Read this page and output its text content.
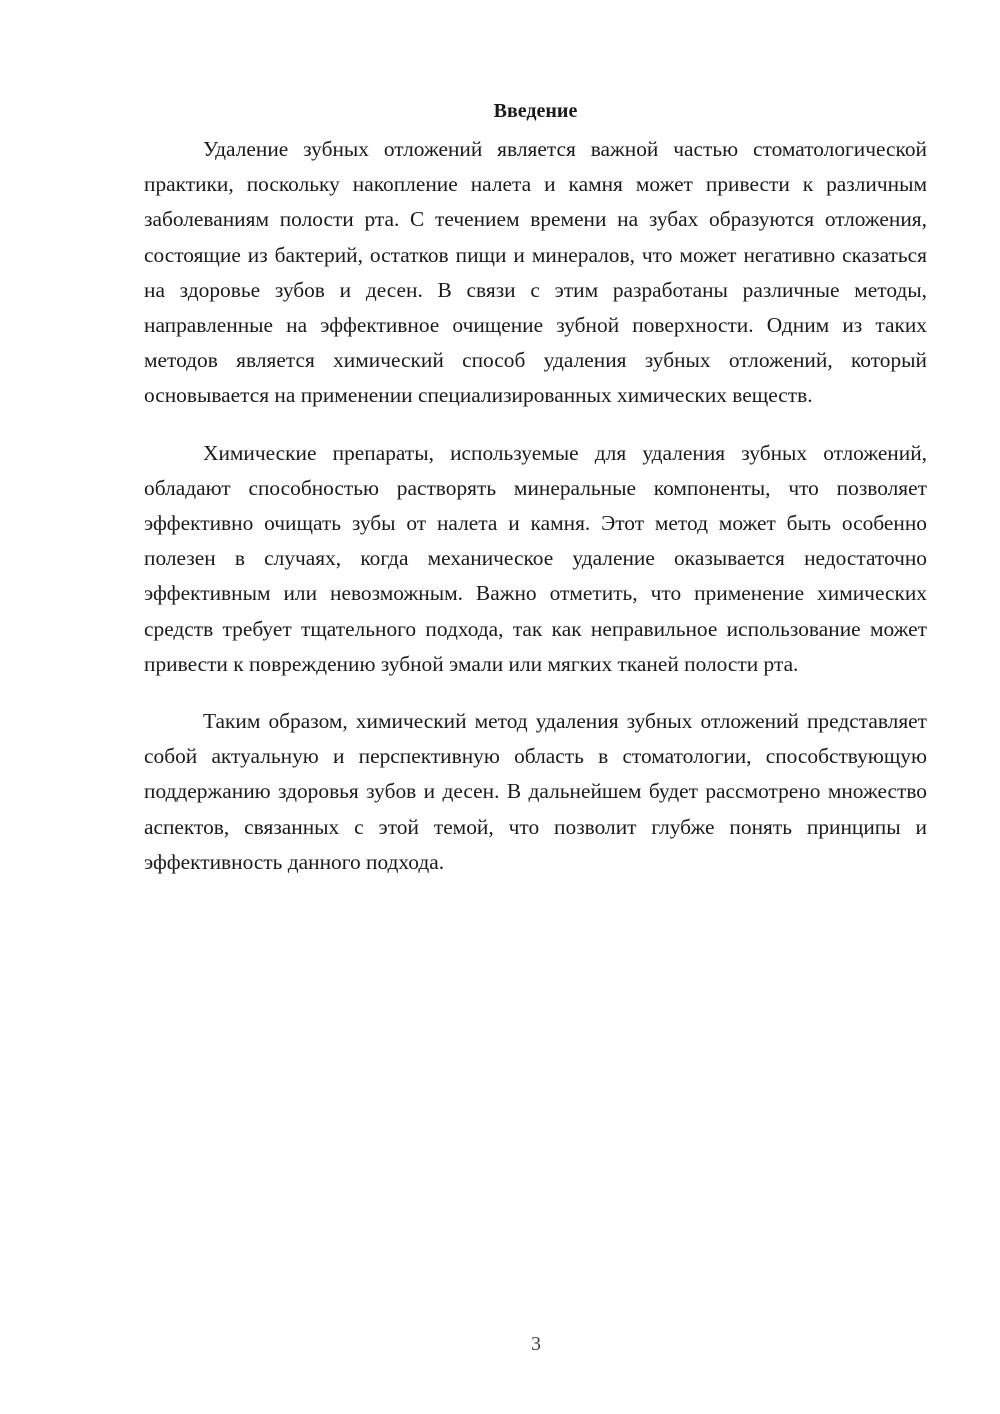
Введение

Удаление зубных отложений является важной частью стоматологической практики, поскольку накопление налета и камня может привести к различным заболеваниям полости рта. С течением времени на зубах образуются отложения, состоящие из бактерий, остатков пищи и минералов, что может негативно сказаться на здоровье зубов и десен. В связи с этим разработаны различные методы, направленные на эффективное очищение зубной поверхности. Одним из таких методов является химический способ удаления зубных отложений, который основывается на применении специализированных химических веществ.

Химические препараты, используемые для удаления зубных отложений, обладают способностью растворять минеральные компоненты, что позволяет эффективно очищать зубы от налета и камня. Этот метод может быть особенно полезен в случаях, когда механическое удаление оказывается недостаточно эффективным или невозможным. Важно отметить, что применение химических средств требует тщательного подхода, так как неправильное использование может привести к повреждению зубной эмали или мягких тканей полости рта.

Таким образом, химический метод удаления зубных отложений представляет собой актуальную и перспективную область в стоматологии, способствующую поддержанию здоровья зубов и десен. В дальнейшем будет рассмотрено множество аспектов, связанных с этой темой, что позволит глубже понять принципы и эффективность данного подхода.

3
